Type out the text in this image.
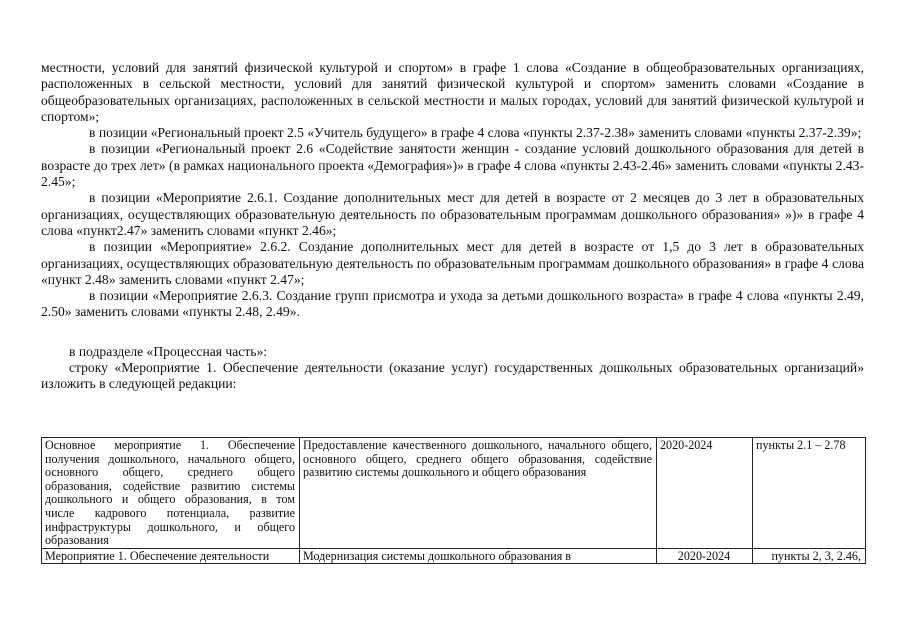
местности, условий для занятий физической культурой и спортом» в графе 1 слова «Создание в общеобразовательных организациях, расположенных в сельской местности, условий для занятий физической культурой и спортом» заменить словами «Создание в общеобразовательных организациях, расположенных в сельской местности и малых городах, условий для занятий физической культурой и спортом»;

в позиции «Региональный проект 2.5 «Учитель будущего» в графе 4 слова «пункты 2.37-2.38» заменить словами «пункты 2.37-2.39»;

в позиции «Региональный проект 2.6 «Содействие занятости женщин - создание условий дошкольного образования для детей в возрасте до трех лет» (в рамках национального проекта «Демография»)» в графе 4 слова «пункты 2.43-2.46» заменить словами «пункты 2.43-2.45»;

в позиции «Мероприятие 2.6.1. Создание дополнительных мест для детей в возрасте от 2 месяцев до 3 лет в образовательных организациях, осуществляющих образовательную деятельность по образовательным программам дошкольного образования» »)» в графе 4 слова «пункт2.47» заменить словами «пункт 2.46»;

в позиции «Мероприятие» 2.6.2. Создание дополнительных мест для детей в возрасте от 1,5 до 3 лет в образовательных организациях, осуществляющих образовательную деятельность по образовательным программам дошкольного образования» в графе 4 слова «пункт 2.48» заменить словами «пункт 2.47»;

в позиции «Мероприятие 2.6.3. Создание групп присмотра и ухода за детьми дошкольного возраста» в графе 4 слова «пункты 2.49, 2.50» заменить словами «пункты 2.48, 2.49».

в подразделе «Процессная часть»:

строку «Мероприятие 1. Обеспечение деятельности (оказание услуг) государственных дошкольных образовательных организаций» изложить в следующей редакции:

Основное мероприятие 1. Обеспечение получения дошкольного, начального общего, основного общего, среднего общего образования, содействие развитию системы дошкольного и общего образования, в том числе кадрового потенциала, развитие инфраструктуры дошкольного, и общего образования	Предоставление качественного дошкольного, начального общего, основного общего, среднего общего образования, содействие развитию системы дошкольного и общего образования	2020-2024	пункты 2.1 – 2.78
Мероприятие 1. Обеспечение деятельности	Модернизация системы дошкольного образования в	2020-2024	пункты 2, 3, 2.46,
